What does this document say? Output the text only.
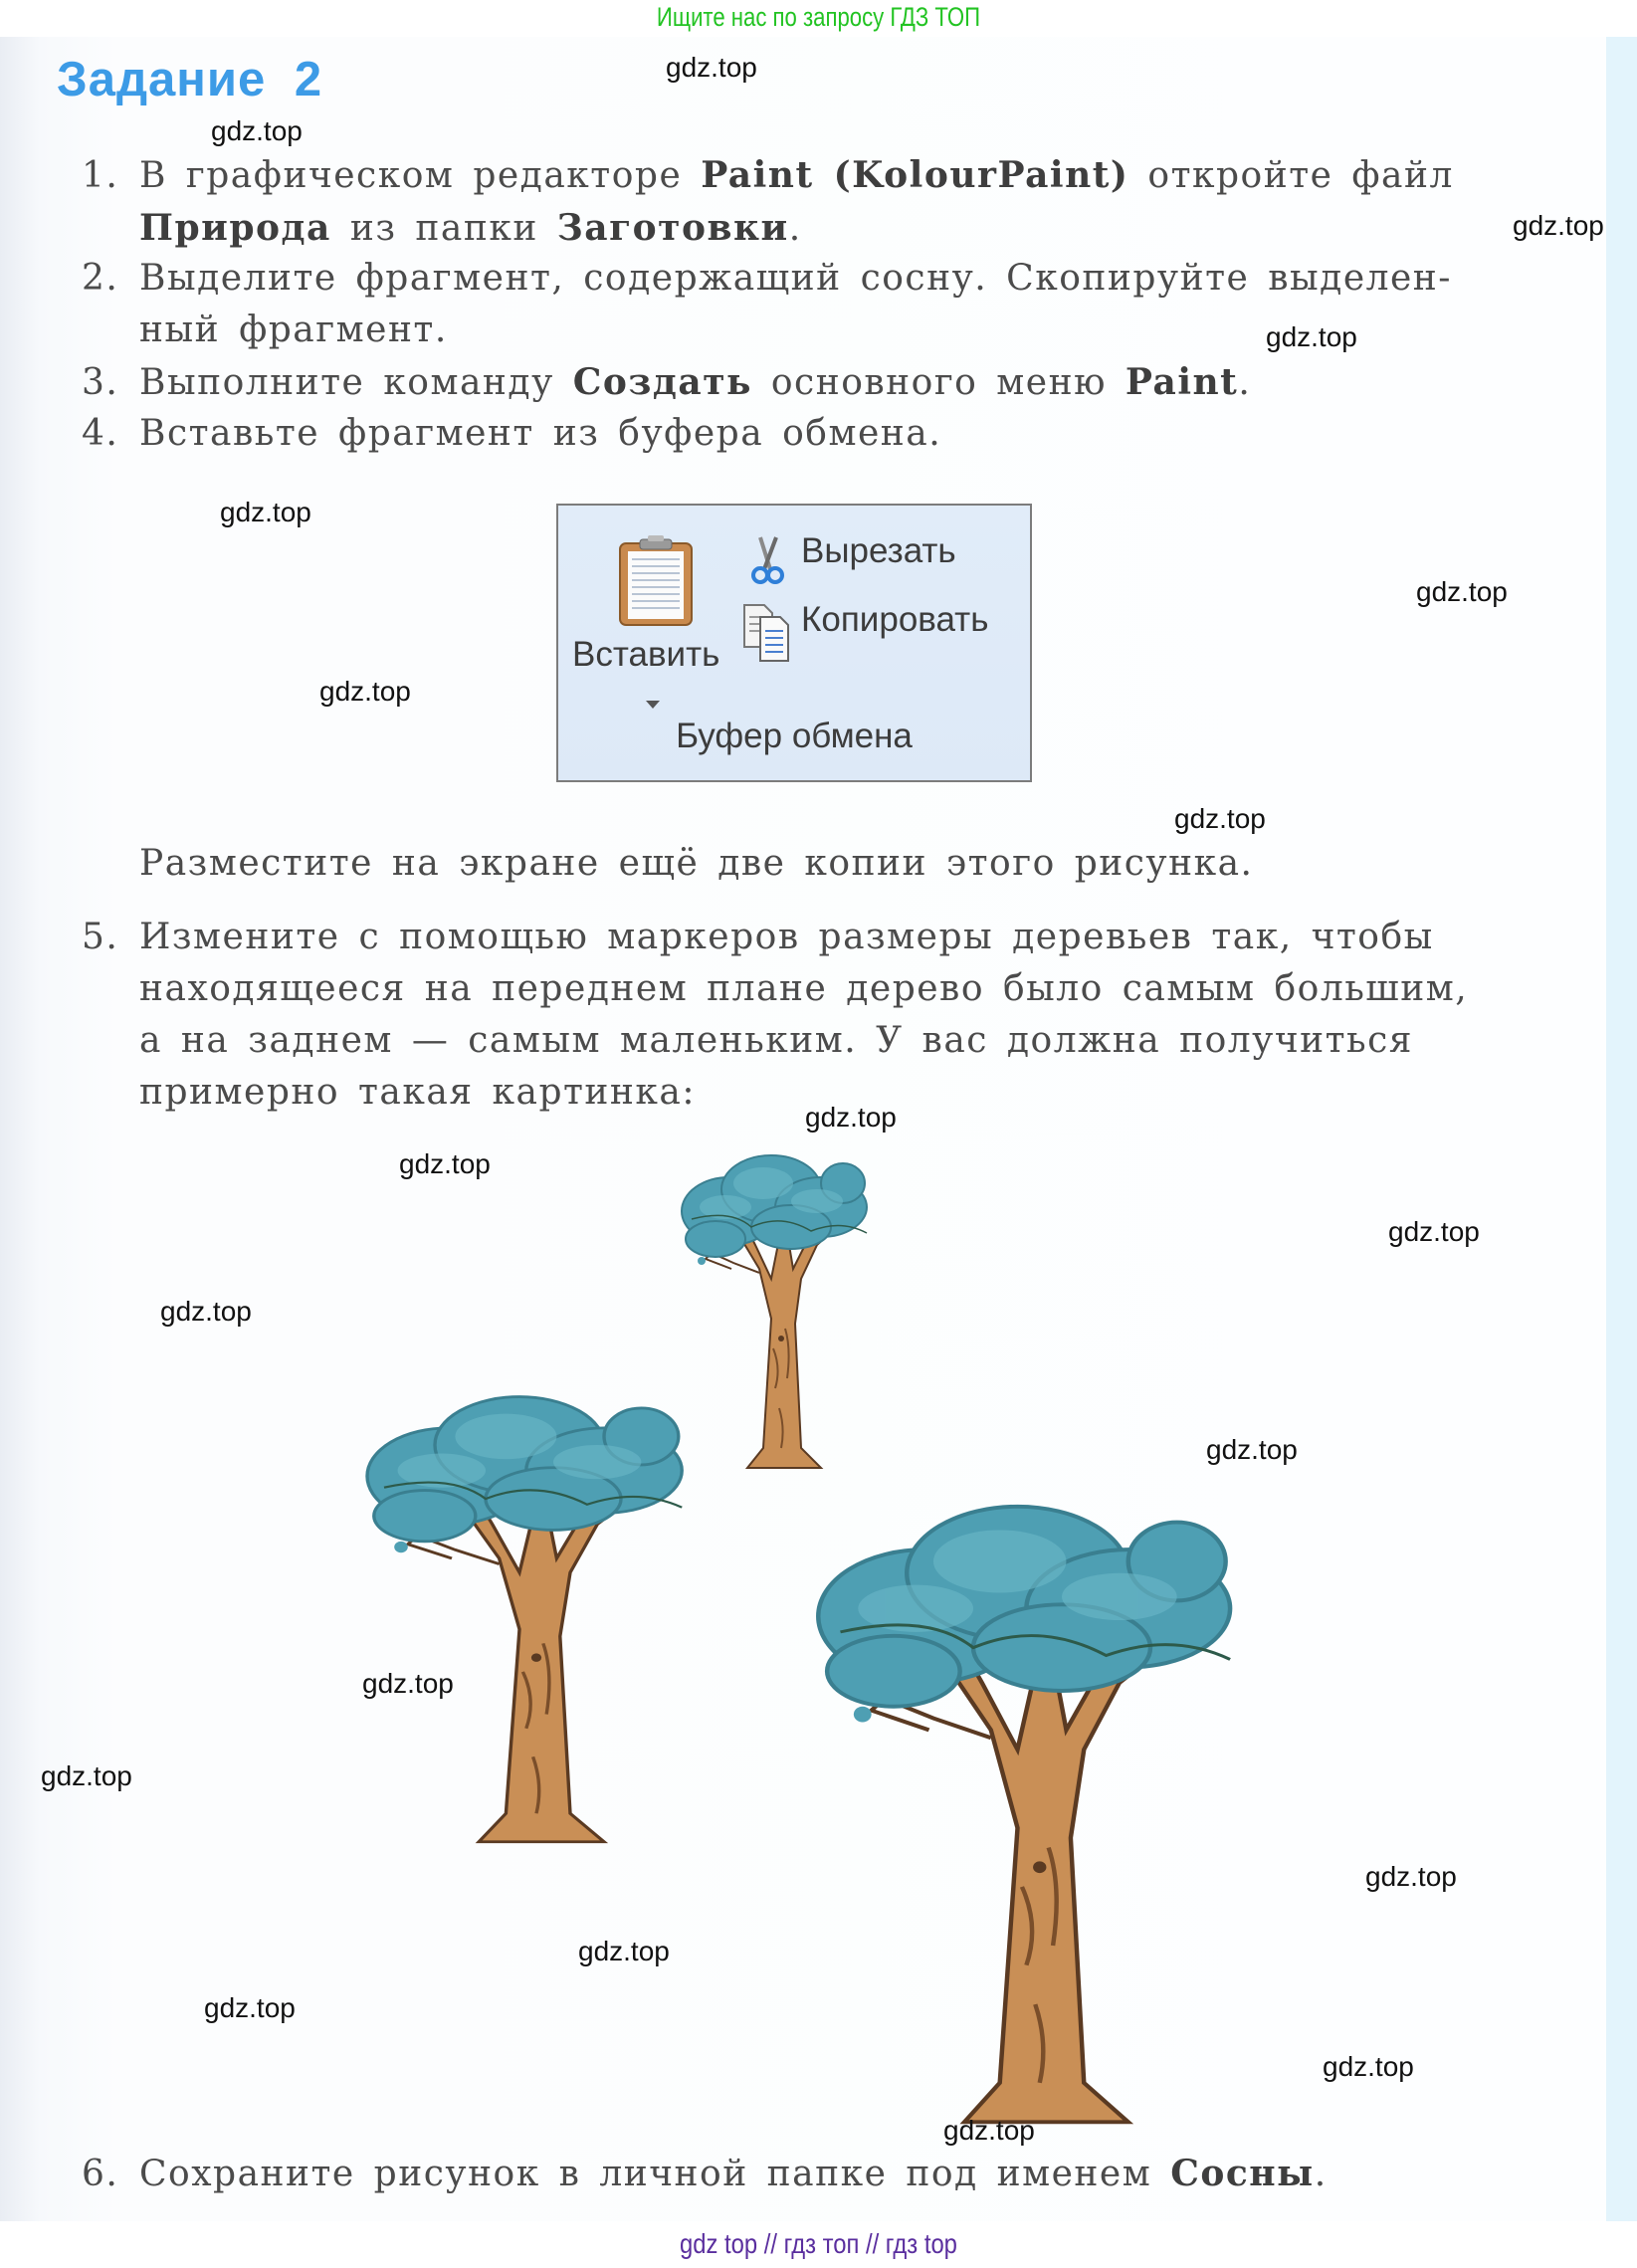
Ищите нас по запросу ГДЗ ТОП
Задание 2
1. В графическом редакторе Paint (KolourPaint) откройте файл
Природа из папки Заготовки.
2. Выделите фрагмент, содержащий сосну. Скопируйте выделен-
ный фрагмент.
3. Выполните команду Создать основного меню Paint.
4. Вставьте фрагмент из буфера обмена.
Вставить
Вырезать
Копировать
Буфер обмена
Разместите на экране ещё две копии этого рисунка.
5. Измените с помощью маркеров размеры деревьев так, чтобы
находящееся на переднем плане дерево было самым большим,
а на заднем — самым маленьким. У вас должна получиться
примерно такая картинка:
6. Сохраните рисунок в личной папке под именем Сосны.
gdz.top
gdz.top
gdz.top
gdz.top
gdz.top
gdz.top
gdz.top
gdz.top
gdz.top
gdz.top
gdz.top
gdz.top
gdz.top
gdz.top
gdz.top
gdz.top
gdz.top
gdz.top
gdz.top
gdz.top
gdz top // гдз топ // гдз top
